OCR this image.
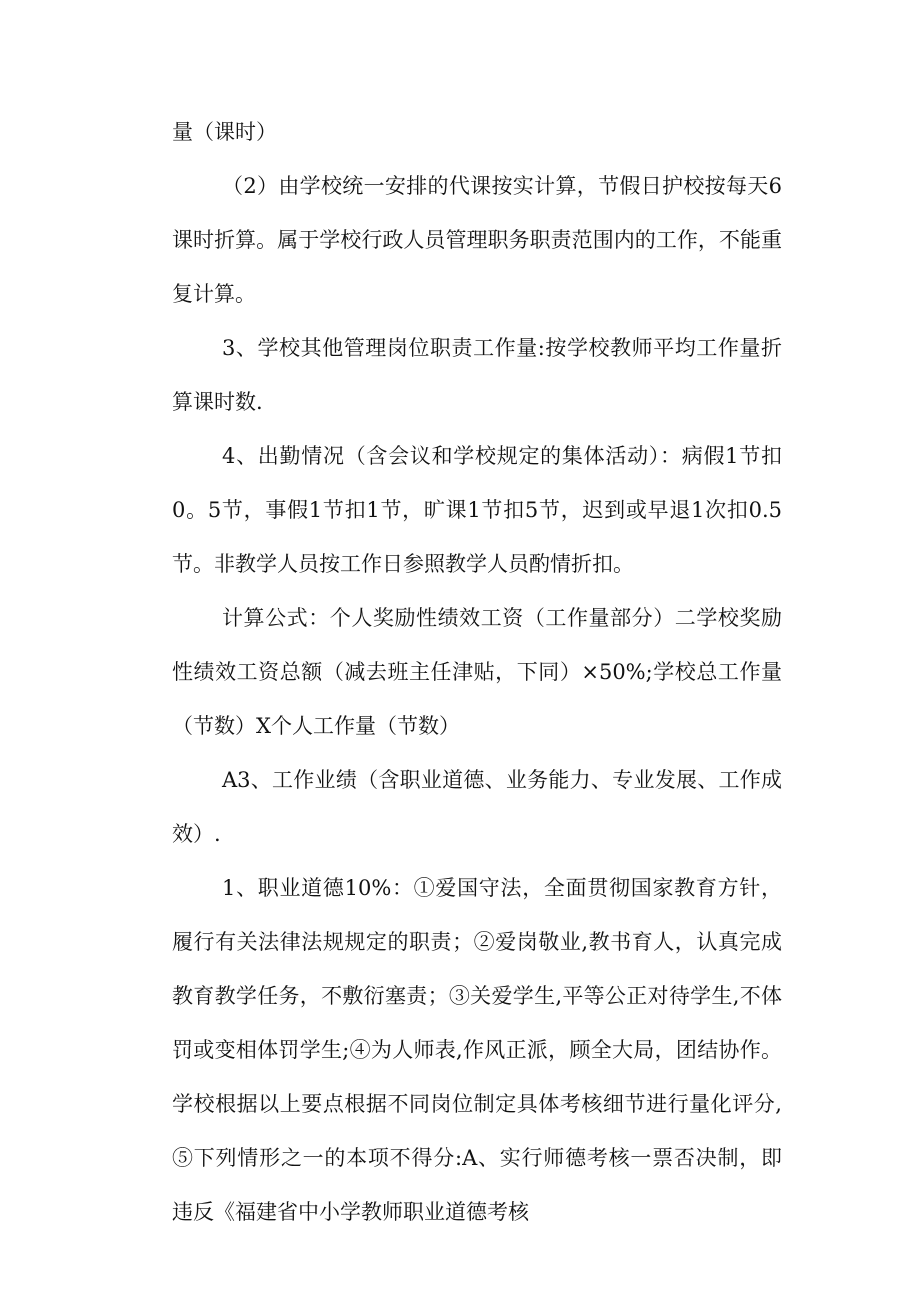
量（课时）

（2）由学校统一安排的代课按实计算，节假日护校按每天6课时折算。属于学校行政人员管理职务职责范围内的工作，不能重复计算。

3、学校其他管理岗位职责工作量:按学校教师平均工作量折算课时数.

4、出勤情况（含会议和学校规定的集体活动）：病假1节扣0。5节，事假1节扣1节，旷课1节扣5节，迟到或早退1次扣0.5节。非教学人员按工作日参照教学人员酌情折扣。

计算公式：个人奖励性绩效工资（工作量部分）二学校奖励性绩效工资总额（减去班主任津贴，下同）×50%;学校总工作量（节数）X个人工作量（节数）

A3、工作业绩（含职业道德、业务能力、专业发展、工作成效）.

1、职业道德10%：①爱国守法，全面贯彻国家教育方针，履行有关法律法规规定的职责；②爱岗敬业,教书育人，认真完成教育教学任务，不敷衍塞责；③关爱学生,平等公正对待学生,不体罚或变相体罚学生;④为人师表,作风正派，顾全大局，团结协作。学校根据以上要点根据不同岗位制定具体考核细节进行量化评分,⑤下列情形之一的本项不得分:A、实行师德考核一票否决制，即违反《福建省中小学教师职业道德考核
